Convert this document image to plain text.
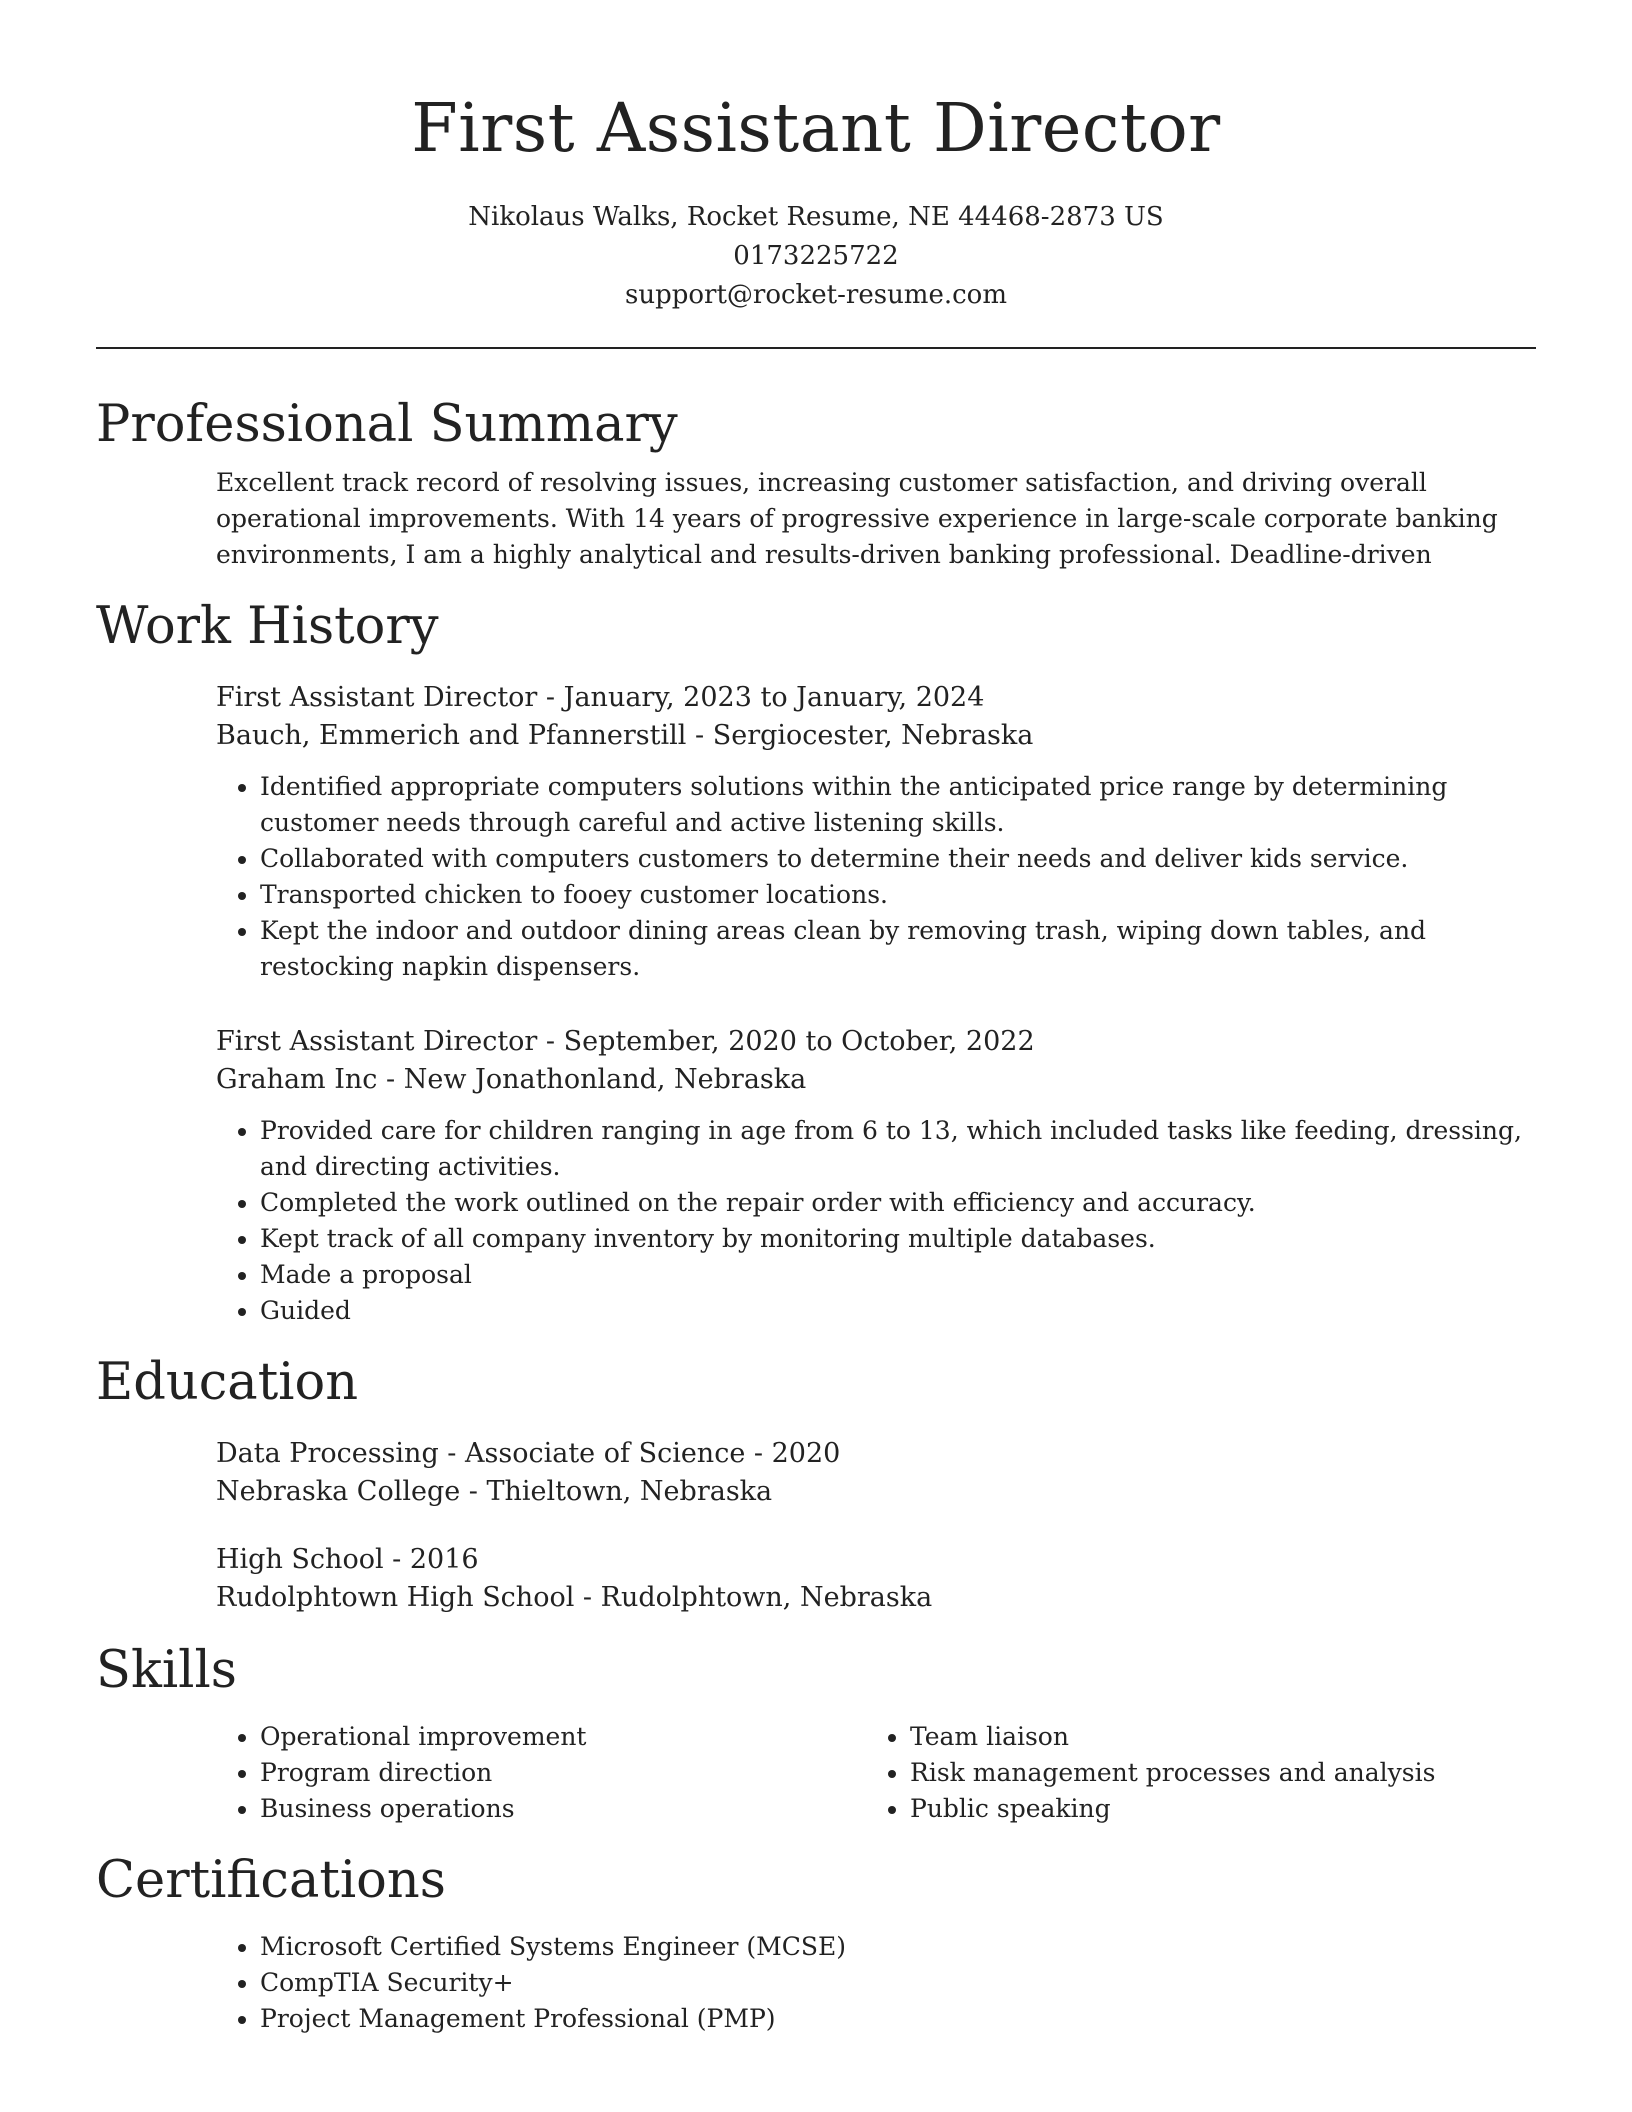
First Assistant Director

Nikolaus Walks, Rocket Resume, NE 44468-2873 US

0173225722

support@rocket-resume.com

Professional Summary

Excellent track record of resolving issues, increasing customer satisfaction, and driving overall operational improvements. With 14 years of progressive experience in large-scale corporate banking environments, I am a highly analytical and results-driven banking professional. Deadline-driven

Work History

First Assistant Director - January, 2023 to January, 2024

Bauch, Emmerich and Pfannerstill - Sergiocester, Nebraska

• Identified appropriate computers solutions within the anticipated price range by determining customer needs through careful and active listening skills.
• Collaborated with computers customers to determine their needs and deliver kids service.
• Transported chicken to fooey customer locations.
• Kept the indoor and outdoor dining areas clean by removing trash, wiping down tables, and restocking napkin dispensers.

First Assistant Director - September, 2020 to October, 2022

Graham Inc - New Jonathonland, Nebraska

• Provided care for children ranging in age from 6 to 13, which included tasks like feeding, dressing, and directing activities.
• Completed the work outlined on the repair order with efficiency and accuracy.
• Kept track of all company inventory by monitoring multiple databases.
• Made a proposal
• Guided
Education

Data Processing - Associate of Science - 2020

Nebraska College - Thieltown, Nebraska

High School - 2016

Rudolphtown High School - Rudolphtown, Nebraska

Skills
• Operational improvement
• Program direction
• Business operations
• Team liaison
• Risk management processes and analysis
• Public speaking
Certifications
• Microsoft Certified Systems Engineer (MCSE)
• CompTIA Security+
• Project Management Professional (PMP)
